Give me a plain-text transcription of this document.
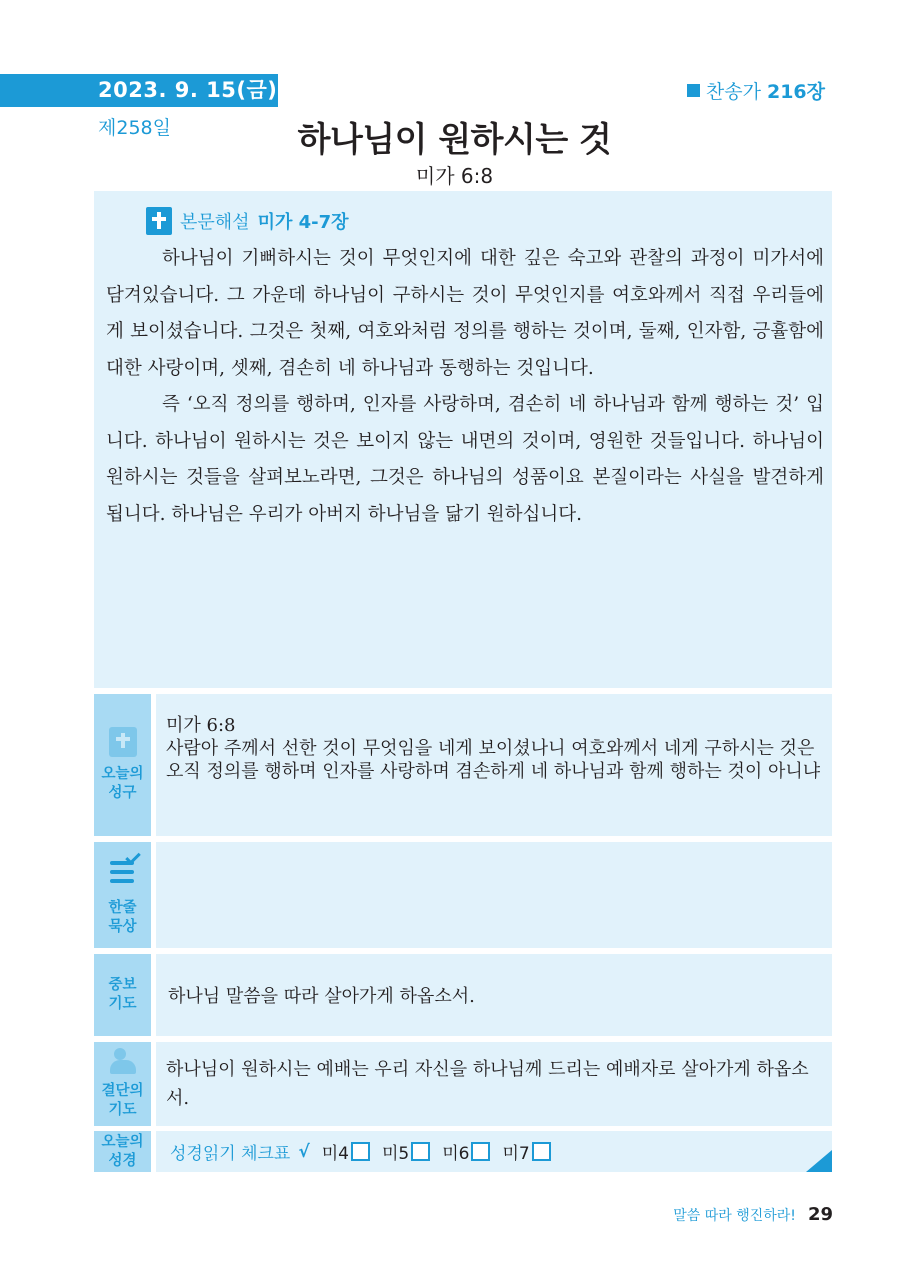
2023. 9. 15(금)
제258일
찬송가 216장
하나님이 원하시는 것
미가 6:8
본문해설 미가 4-7장

하나님이 기뻐하시는 것이 무엇인지에 대한 깊은 숙고와 관찰의 과정이 미가서에 담겨있습니다. 그 가운데 하나님이 구하시는 것이 무엇인지를 여호와께서 직접 우리들에게 보이셨습니다. 그것은 첫째, 여호와처럼 정의를 행하는 것이며, 둘째, 인자함, 긍휼함에 대한 사랑이며, 셋째, 겸손히 네 하나님과 동행하는 것입니다.

즉 ‘오직 정의를 행하며, 인자를 사랑하며, 겸손히 네 하나님과 함께 행하는 것’ 입니다. 하나님이 원하시는 것은 보이지 않는 내면의 것이며, 영원한 것들입니다. 하나님이 원하시는 것들을 살펴보노라면, 그것은 하나님의 성품이요 본질이라는 사실을 발견하게 됩니다. 하나님은 우리가 아버지 하나님을 닮기 원하십니다.

오늘의
성구
미가 6:8
사람아 주께서 선한 것이 무엇임을 네게 보이셨나니 여호와께서 네게 구하시는 것은 오직 정의를 행하며 인자를 사랑하며 겸손하게 네 하나님과 함께 행하는 것이 아니냐
한줄
묵상
중보
기도	하나님 말씀을 따라 살아가게 하옵소서.
결단의
기도
하나님이 원하시는 예배는 우리 자신을 하나님께 드리는 예배자로 살아가게 하옵소서.
오늘의
성경 성경읽기 체크표 √ 미4 미5 미6 미7
말씀 따라 행진하라! 29
